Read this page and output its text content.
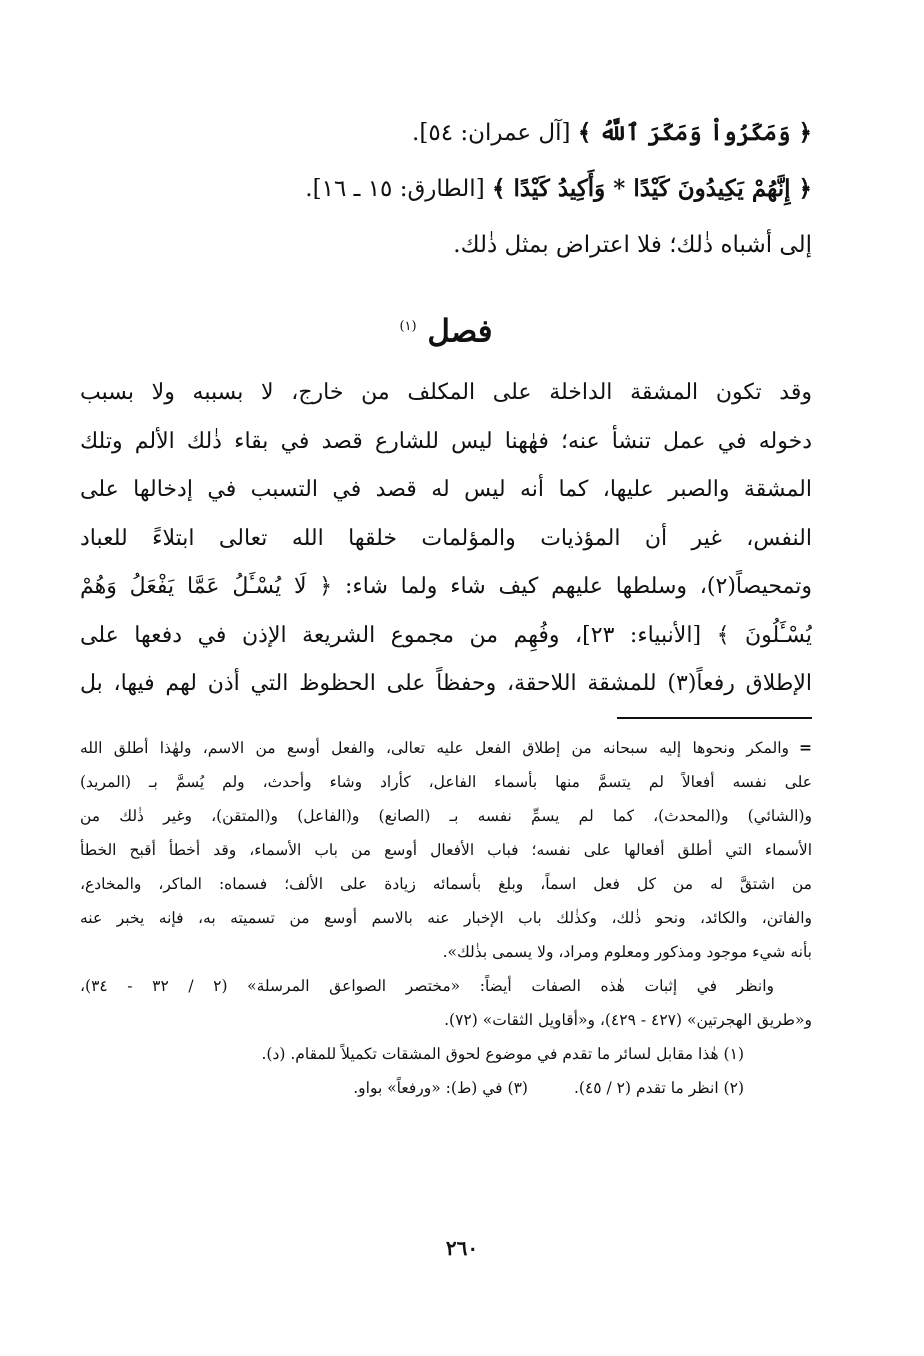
﴿ وَمَكَرُواْ وَمَكَرَ ٱللَّهُ ﴾ [آل عمران: ٥٤].
﴿ إِنَّهُمْ يَكِيدُونَ كَيْدًا * وَأَكِيدُ كَيْدًا ﴾ [الطارق: ١٥ ـ ١٦].
إلى أشباه ذٰلك؛ فلا اعتراض بمثل ذٰلك.
فصل $^{(١)}$
وقد تكون المشقة الداخلة على المكلف من خارج، لا بسببه ولا بسبب
دخوله في عمل تنشأ عنه؛ فهٰهنا ليس للشارع قصد في بقاء ذٰلك الألم وتلك
المشقة والصبر عليها، كما أنه ليس له قصد في التسبب في إدخالها على
النفس، غير أن المؤذيات والمؤلمات خلقها الله تعالى ابتلاءً للعباد
وتمحيصاً(٢)، وسلطها عليهم كيف شاء ولما شاء: ﴿ لَا يُسْـَٔلُ عَمَّا يَفْعَلُ وَهُمْ
يُسْـَٔلُونَ ﴾ [الأنبياء: ٢٣]، وفُهِم من مجموع الشريعة الإذن في دفعها على
الإطلاق رفعاً(٣) للمشقة اللاحقة، وحفظاً على الحظوظ التي أذن لهم فيها، بل
=والمكر ونحوها إليه سبحانه من إطلاق الفعل عليه تعالى، والفعل أوسع من الاسم، ولهٰذا أطلق الله
على نفسه أفعالاً لم يتسمَّ منها بأسماء الفاعل، كأراد وشاء وأحدث، ولم يُسمَّ بـ (المريد)
و(الشائي) و(المحدث)، كما لم يسمِّ نفسه بـ (الصانع) و(الفاعل) و(المتقن)، وغير ذٰلك من
الأسماء التي أطلق أفعالها على نفسه؛ فباب الأفعال أوسع من باب الأسماء، وقد أخطأ أقبح الخطأ
من اشتقَّ له من كل فعل اسماً، وبلغ بأسمائه زيادة على الألف؛ فسماه: الماكر، والمخادع،
والفاتن، والكائد، ونحو ذٰلك، وكذٰلك باب الإخبار عنه بالاسم أوسع من تسميته به، فإنه يخبر عنه
بأنه شيء موجود ومذكور ومعلوم ومراد، ولا يسمى بذٰلك».
وانظر في إثبات هٰذه الصفات أيضاً: «مختصر الصواعق المرسلة» (٢ / ٣٢ - ٣٤)،
و«طريق الهجرتين» (٤٢٧ - ٤٢٩)، و«أقاويل الثقات» (٧٢).
(١) هٰذا مقابل لسائر ما تقدم في موضوع لحوق المشقات تكميلاً للمقام. (د).
(٢) انظر ما تقدم (٢ / ٤٥).
(٣) في (ط): «ورفعاً» بواو.
٢٦٠
